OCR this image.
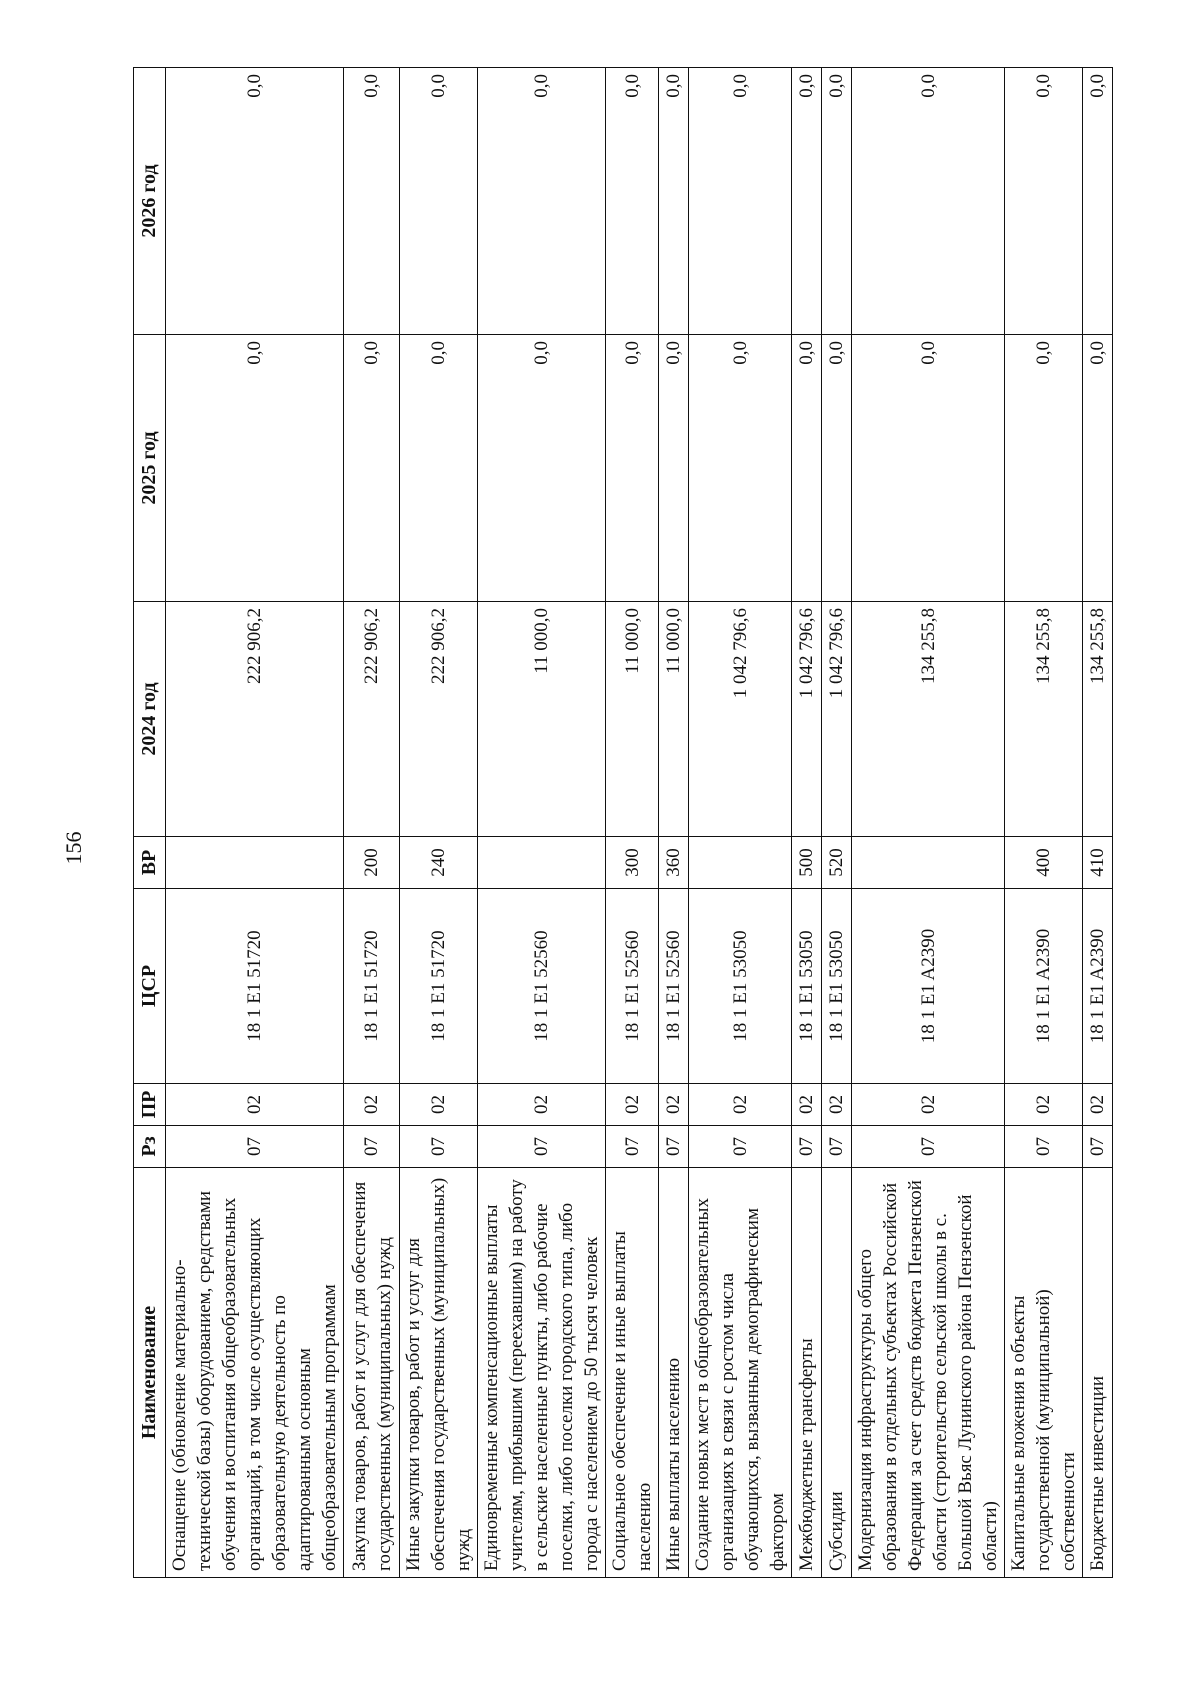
156
Наименование	Рз	ПР	ЦСР	ВР	2024 год	2025 год	2026 год
Оснащение (обновление материально-технической базы) оборудованием, средствами обучения и воспитания общеобразовательных организаций, в том числе осуществляющих образовательную деятельность по адаптированным основным общеобразовательным программам	07	02	18 1 E1 51720		222 906,2	0,0	0,0
Закупка товаров, работ и услуг для обеспечения государственных (муниципальных) нужд	07	02	18 1 E1 51720	200	222 906,2	0,0	0,0
Иные закупки товаров, работ и услуг для обеспечения государственных (муниципальных) нужд	07	02	18 1 E1 51720	240	222 906,2	0,0	0,0
Единовременные компенсационные выплаты учителям, прибывшим (переехавшим) на работу в сельские населенные пункты, либо рабочие поселки, либо поселки городского типа, либо города с населением до 50 тысяч человек	07	02	18 1 E1 52560		11 000,0	0,0	0,0
Социальное обеспечение и иные выплаты населению	07	02	18 1 E1 52560	300	11 000,0	0,0	0,0
Иные выплаты населению	07	02	18 1 E1 52560	360	11 000,0	0,0	0,0
Создание новых мест в общеобразовательных организациях в связи с ростом числа обучающихся, вызванным демографическим фактором	07	02	18 1 E1 53050		1 042 796,6	0,0	0,0
Межбюджетные трансферты	07	02	18 1 E1 53050	500	1 042 796,6	0,0	0,0
Субсидии	07	02	18 1 E1 53050	520	1 042 796,6	0,0	0,0
Модернизация инфраструктуры общего образования в отдельных субъектах Российской Федерации за счет средств бюджета Пензенской области (строительство сельской школы в с. Большой Вьяс Лунинского района Пензенской области)	07	02	18 1 E1 A2390		134 255,8	0,0	0,0
Капитальные вложения в объекты государственной (муниципальной) собственности	07	02	18 1 E1 A2390	400	134 255,8	0,0	0,0
Бюджетные инвестиции	07	02	18 1 E1 A2390	410	134 255,8	0,0	0,0
